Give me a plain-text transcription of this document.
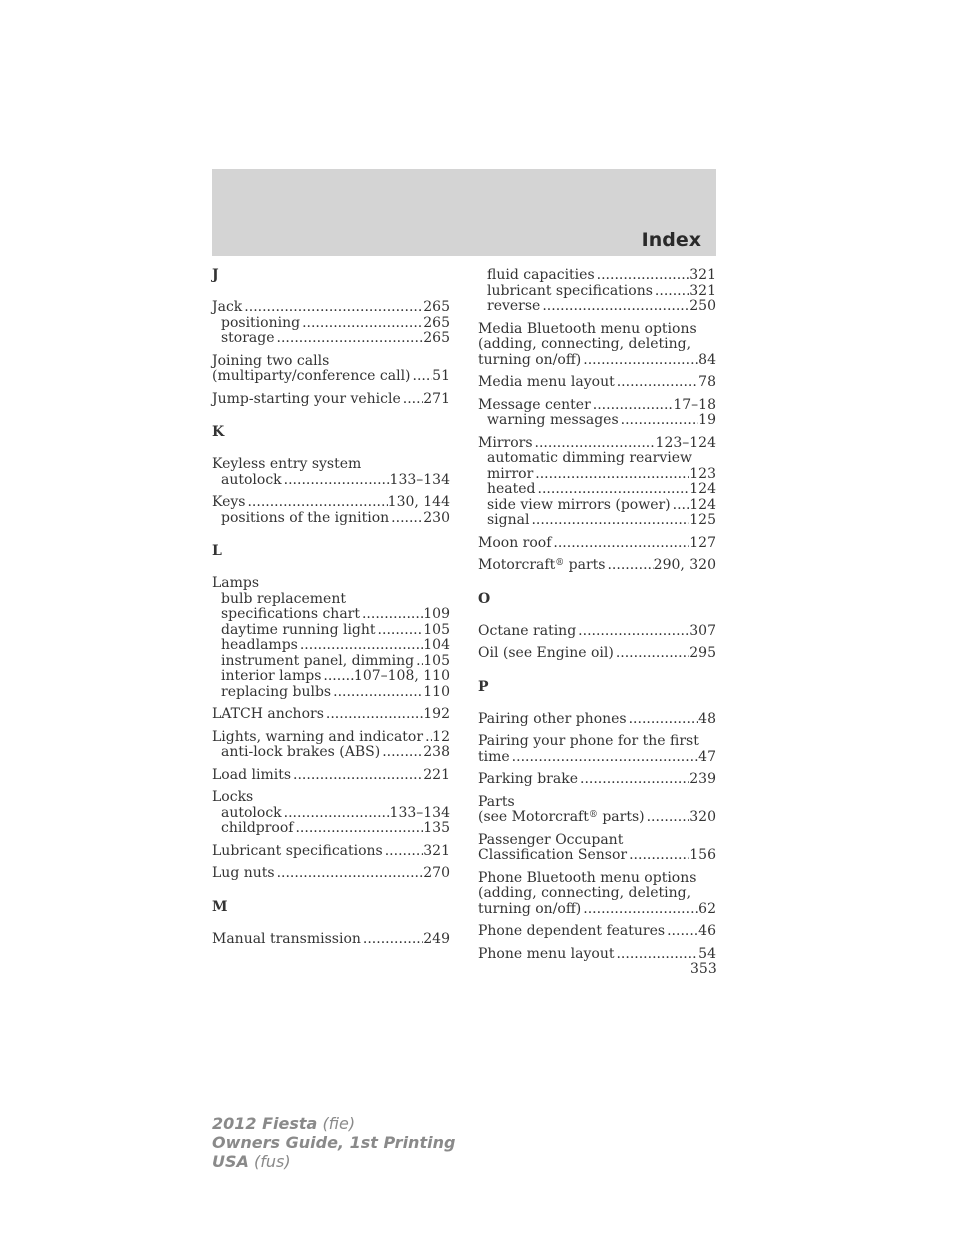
Index
J
Jack .....	265
positioning .....	265
storage .....	265
Joining two calls
(multiparty/conference call) ..... 51
Jump-starting your vehicle ..... 271
K
Keyless entry system
autolock .....	133–134
Keys .....	130, 144
positions of the ignition ..... 230
L
Lamps
bulb replacement
specifications chart .....	109
daytime running light .....	105
headlamps .....	104
instrument panel, dimming ..... 105
interior lamps ..... 107–108, 110
replacing bulbs .....	110
LATCH anchors .....	192
Lights, warning and indicator ..... 12
anti-lock brakes (ABS) .....	238
Load limits .....	221
Locks
autolock .....	133–134
childproof .....	135
Lubricant specifications .....	321
Lug nuts .....	270
M
Manual transmission .....	249
fluid capacities .....	321
lubricant specifications .....	321
reverse .....	250
Media Bluetooth menu options
(adding, connecting, deleting,
turning on/off) .....	84
Media menu layout .....	78
Message center .....	17–18
warning messages .....	19
Mirrors .....	123–124
automatic dimming rearview
mirror .....	123
heated .....	124
side view mirrors (power) ..... 124
signal .....	125
Moon roof .....	127
Motorcraft® parts .....	290, 320
O
Octane rating .....	307
Oil (see Engine oil) .....	295
P
Pairing other phones .....	48
Pairing your phone for the first
time .....	47
Parking brake .....	239
Parts
(see Motorcraft® parts) .....	320
Passenger Occupant
Classification Sensor .....	156
Phone Bluetooth menu options
(adding, connecting, deleting,
turning on/off) .....	62
Phone dependent features ..... 46
Phone menu layout .....	54
353
2012 Fiesta (fie)
Owners Guide, 1st Printing
USA (fus)
